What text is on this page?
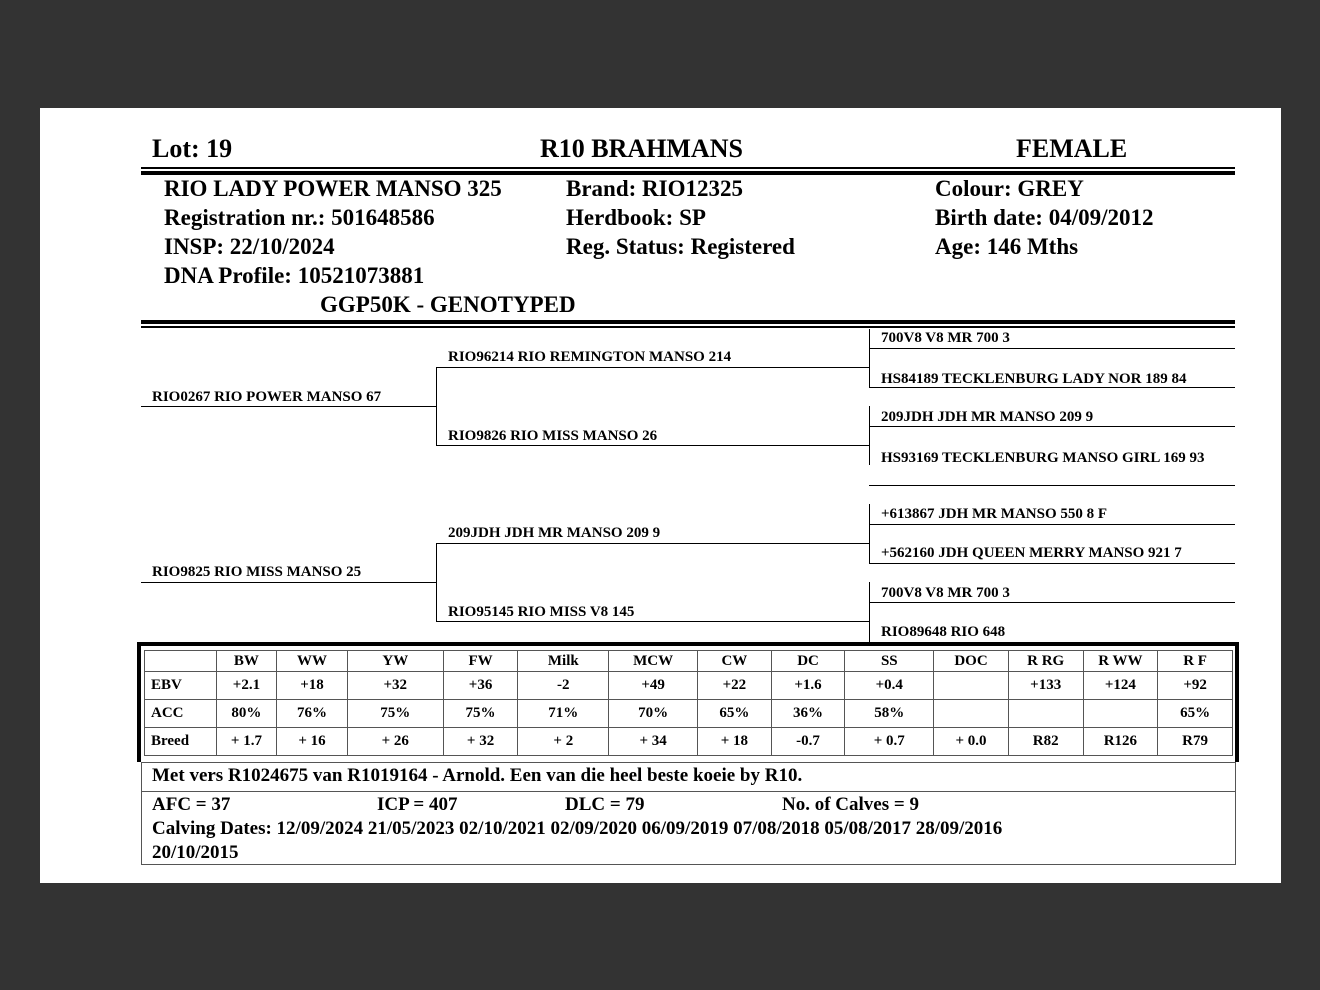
Lot: 19	R10 BRAHMANS	FEMALE
RIO LADY POWER MANSO 325
Registration nr.: 501648586
INSP: 22/10/2024
DNA Profile: 10521073881
GGP50K - GENOTYPED
Brand: RIO12325
Herdbook: SP
Reg. Status: Registered
Colour: GREY
Birth date: 04/09/2012
Age: 146 Mths
RIO0267 RIO POWER MANSO 67
RIO9825 RIO MISS MANSO 25
RIO96214 RIO REMINGTON MANSO 214
RIO9826 RIO MISS MANSO 26
209JDH JDH MR MANSO 209 9
RIO95145 RIO MISS V8 145
700V8 V8 MR 700 3
HS84189 TECKLENBURG LADY NOR 189 84
209JDH JDH MR MANSO 209 9
HS93169 TECKLENBURG MANSO GIRL 169 93
+613867 JDH MR MANSO 550 8 F
+562160 JDH QUEEN MERRY MANSO 921 7
700V8 V8 MR 700 3
RIO89648 RIO 648
	BW	WW	YW	FW	Milk	MCW	CW	DC	SS	DOC	R RG	R WW	R F
EBV	+2.1	+18	+32	+36	-2	+49	+22	+1.6	+0.4		+133	+124	+92
ACC	80%	76%	75%	75%	71%	70%	65%	36%	58%				65%
Breed	+ 1.7	+ 16	+ 26	+ 32	+ 2	+ 34	+ 18	-0.7	+ 0.7	+ 0.0	R82	R126	R79
Met vers R1024675 van R1019164 - Arnold. Een van die heel beste koeie by R10.
AFC = 37	ICP = 407	DLC = 79	No. of Calves = 9
Calving Dates: 12/09/2024 21/05/2023 02/10/2021 02/09/2020 06/09/2019 07/08/2018 05/08/2017 28/09/2016
20/10/2015
